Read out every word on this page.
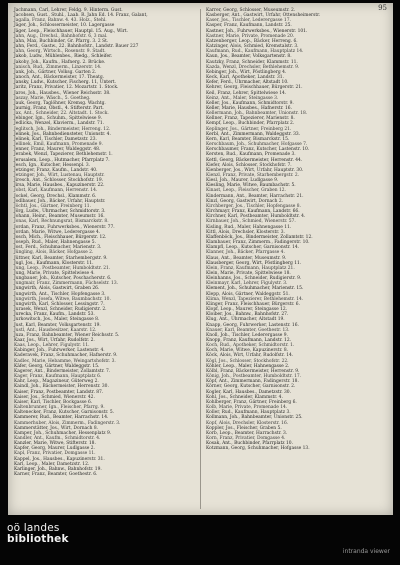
95

Jachmann, Carl, Lehrer, Feldg. 9. Hinterm. Gust.

Jacobsen, Gust., Stuhl., Laab. R. Jahn Ed. 14. Franz, Galant,

Jagalla, Franz, Bahnw. 4. 43. Holz., Stehl.

Jäger, Joh., Schlossermeister, 10. Lagergasse

Jäger, Leop., Fleischhauer, Hauptpl. 15. Aug., Wirt.

Jahn, Aug., Drechsl., Bahnhofstr. 6, 3 mal.

Jahn, Max, Buchbinder, Gr. Pfarrg. 3. 2 St.

Jahn, Ferd., Gastw., 22. Bahnhofstr., Landstr. Bauer 227

Jahn, Georg, Wirtsch., Rosenstr. 9. Stadt.

Jakob, Ludw., Mühlenbes., Riedg., Schleifer.

Jakoby, Joh., Kaufm., Hafnerg. 2. Brücke.

Janisch, Rud., Zimmerm., Linzerstr. 14.

Jank, Joh., Gärtner, Volksg. Garten 2.

Janoch, Ant., Bäckermeister, 17. Theatg.

Jansky, Ludw., Kutscher, Fischerg. 11, Untert.

Jaritz, Franz, Privatier, 12. Mozartstr. 1. Stock.

Jaros, Joh., Hausbes., Wiener Reichsstr. 38.

Jaszay, Marie, Wäsch., 5. Goetheg.

Jauk, Georg, Taglöhner, Kremsg. Wachtg.

Jaurnig, Franz, Obstl., 4. Stifterstr. Part.

Jax, Ant., Schneider, 22. Altstadt. 1. Stock.

Jebinger, Ign., Schuhm., Spittelwiese 9.

Jedlicka, Wenzel, Klavierm., Landstr. 71.

Jeglitsch, Joh., Bindermeister, Herreng. 12.

Jelinek, Jos., Bahnbediensteter, Unionstr. 4.

Jelinek, Karl, Tischler, Dametzstr. 23.

Jellinek, Emil, Kaufmann, Promenade 9.

Jenner, Franz, Maurer, Waldeggstr. 48.

Jerabek, Wenzl, Tapezierer, Bethlehemstr. 1.

Jerusalem, Leop., Hutmacher, Pfarrplatz 7.

Jesch, Ign., Kutscher, Hessenpl. 3.

Jetzinger, Franz, Kaufm., Landstr. 40.

Jetzinger, Joh., Wirt, Lustenau, Hauptstr.

Jiresch, Ant., Schlosser, Stockhofstr. 19.

Jirsa, Marie, Hausbes., Kapuzinerstr. 22.

Jobst, Karl, Kaufmann, Herrenstr. 14.

Jockel, Georg, Drechsl., Klammstr. 6.

Jodlbauer, Joh., Bäcker, Urfahr, Hauptstr.

Jöchtl, Jos., Gärtner, Freinberg 11.

Jörg, Ludw., Uhrmacher, Schmidtorstr. 3.

Johann, Heinr., Beamter, Museumstr. 16.

Jonas, Karl, Rechnungsrat, Bismarckstr. 8.

Jordan, Franz, Fuhrwerksbes., Wienerstr. 77.

Jordan, Marie, Witwe, Lederergasse 4.

Josch, Mich., Fleischhauer, Bürgerstr. 12.

Joseph, Rud., Maler, Hahnengasse 5.

Jost, Ferd., Schuhmacher, Marienstr. 3.

Jüngling, Alois, Bäcker, Hofgasse 2.

Jüttner, Karl, Beamter, Starhembergstr. 9.

Jugl, Jos., Kaufmann, Klosterstr. 11.

Jung, Leop., Postbeamter, Humboldtstr. 21.

Jung, Marie, Private, Spittelwiese 4.

Jungbauer, Joh., Kutscher, Poschacherstr. 6.

Jungmair, Franz, Zimmermann, Füchselstr. 13.

Jungwirth, Alois, Gastwirt, Graben 26.

Jungwirth, Ant., Tischler, Hopfengasse 3.

Jungwirth, Josefa, Witwe, Baumbachstr. 10.

Jungwirth, Karl, Schlosser, Lessingstr. 7.

Jurasek, Wenzl, Schneider, Rudigierstr. 2.

Jurecka, Franz, Kaufm., Landstr. 53.

Jurkowitsch, Jos., Maler, Steingasse 8.

Just, Karl, Beamter, Volksgartenstr. 19.

Justl, Ant., Hausbesitzer, Kaarstr. 12.

Juza, Franz, Bahnbeamter, Wiener Reichsstr. 5.

Kaar, Jos., Wirt, Urfahr, Rudolfstr. 2.

Kaas, Leop., Lehrer, Figulystr. 11.

Kabinger, Joh., Fuhrwerker, Lastenstr. 4.

Kaderavek, Franz, Schuhmacher, Hafnerstr. 9.

Kadlec, Marie, Hebamme, Weingartshofstr. 3.

Käfer, Georg, Gärtner, Waldeggstr. 15.

Kagerer, Ant., Bindermeister, Zollamtstr. 7.

Kager, Franz, Kaufmann, Hauptplatz 6.

Kahr, Leop., Magazineur, Güterweg 2.

Kaindl, Joh., Bäckermeister, Herrenstr. 30.

Kaiser, Franz, Postbeamter, Landstr. 87.

Kaiser, Jos., Schmied, Wienerstr. 42.

Kaiser, Karl, Tischler, Bockgasse 6.

Kaltenbrunner, Ign., Fleischer, Pfarrg. 9.

Kaltenecker, Franz, Kutscher, Garnisonstr. 5.

Kammerer, Rud., Beamter, Harrachstr. 14.

Kammerhuber, Alois, Zimmerm., Fadingerstr. 3.

Kammerstätter, Jos., Wirt, Dornach 8.

Kamper, Joh., Schuhmacher, Hessenplatz 9.

Kandler, Ant., Kaufm., Schmidtorstr. 4.

Kanzler, Marie, Witwe, Stifterstr. 18.

Kapfer, Georg, Maurer, Ludlgasse 2.

Kapl, Franz, Privatier, Domgasse 11.

Kappel, Jos., Hausbes., Kapuzinerstr. 31.

Karl, Leop., Maler, Dametzstr. 12.

Karlinger, Joh., Bahnw., Bahnhofstr. 19.

Karner, Franz, Beamter, Goethestr. 6.

Karrer, Georg, Schlosser, Museumstr. 2.

Kasberger, Ant., Gastwirt, Urfahr, Ottensheimerstr.

Kaser, Jos., Tischler, Lederergasse 17.

Kasper, Franz, Kaufmann, Landstr. 25.

Kastner, Joh., Fuhrwerksbes., Wienerstr. 101.

Kastner, Marie, Private, Promenade 20.

Katzenberger, Leop., Bäcker, Herreng. 6.

Katzinger, Alois, Schmied, Kremstalstr. 3.

Kaufmann, Rud., Kaufmann, Hauptplatz 14.

Kaun, Jos., Beamter, Volksgartenstr. 8.

Kautzky, Franz, Schneider, Klammstr. 11.

Kazda, Wenzl, Drechsler, Bethlehemstr. 9.

Kebinger, Joh., Wirt, Pöstlingberg 4.

Keck, Karl, Apotheker, Landstr. 31.

Kefer, Ferd., Uhrmacher, Altstadt 10.

Kehrer, Georg, Fleischhauer, Bürgerstr. 21.

Keil, Franz, Lehrer, Spittelwiese 14.

Keinz, Ant., Maler, Steingasse 3.

Keller, Jos., Kaufmann, Schmidtorstr. 9.

Keller, Marie, Hausbes., Hafnerstr. 16.

Kellermann, Joh., Bahnbeamter, Unionstr. 18.

Kellner, Franz, Tapezierer, Marienstr. 8.

Kempf, Leop., Buchbinder, Pfarrplatz 2.

Keplinger, Jos., Gärtner, Freinberg 21.

Kerbl, Ant., Zimmermann, Waldeggstr. 33.

Kern, Karl, Beamter, Bismarckstr. 15.

Kerschbaum, Joh., Schuhmacher, Hofgasse 7.

Kerschbaumer, Franz, Kutscher, Lastenstr. 10.

Kersten, Rud., Kaufmann, Promenade 3.

Kettl, Georg, Bäckermeister, Herrenstr. 44.

Kiefer, Alois, Schlosser, Stockhofstr. 7.

Kienberger, Jos., Wirt, Urfahr, Hauptstr. 30.

Kienzl, Franz, Private, Starhembergstr. 2.

Kiesl, Joh., Maurer, Ludlgasse 9.

Kiesling, Marie, Witwe, Baumbachstr. 5.

Kinast, Leop., Fleischer, Graben 12.

Kindermann, Ant., Beamter, Harrachstr. 21.

Kinzl, Georg, Gastwirt, Dornach 2.

Kirchberger, Jos., Tischler, Hopfengasse 8.

Kirchmayr, Franz, Kaufmann, Landstr. 66.

Kirchner, Karl, Postbeamter, Humboldtstr. 4.

Kirnbauer, Joh., Schmied, Wienerstr. 57.

Kisling, Rud., Maler, Hahnengasse 11.

Kittl, Alois, Drechsler, Klosterstr. 3.

Klaffenböck, Jos., Bindermeister, Zollamtstr. 12.

Klambauer, Franz, Zimmerm., Fadingerstr. 10.

Klampfl, Leop., Kutscher, Garnisonstr. 14.

Klanner, Joh., Bäcker, Pfarrgasse 4.

Klaus, Ant., Beamter, Museumstr. 9.

Klausberger, Georg, Wirt, Pöstlingberg 11.

Klein, Franz, Kaufmann, Hauptplatz 21.

Klein, Marie, Private, Spittelwiese 18.

Kleinhanns, Jos., Schneider, Rudigierstr. 9.

Kleinmayr, Karl, Lehrer, Figulystr. 3.

Klement, Joh., Schuhmacher, Marienstr. 15.

Klepp, Alois, Gärtner, Waldeggstr. 51.

Klima, Wenzl, Tapezierer, Bethlehemstr. 14.

Klinger, Franz, Fleischhauer, Bürgerstr. 6.

Klopf, Leop., Maurer, Steingasse 12.

Kloiber, Jos., Bahnw., Bahnhofstr. 27.

Klug, Ant., Uhrmacher, Altstadt 19.

Knapp, Georg, Fuhrwerker, Lastenstr. 16.

Knauer, Karl, Beamter, Goethestr. 13.

Knoll, Joh., Tischler, Lederergasse 9.

Knopp, Franz, Kaufmann, Landstr. 12.

Koch, Rud., Apotheker, Schmidtorstr. 1.

Koch, Marie, Witwe, Kapuzinerstr. 8.

Köck, Alois, Wirt, Urfahr, Rudolfstr. 14.

Kögl, Jos., Schlosser, Stockhofstr. 22.

Köhler, Leop., Maler, Hahnengasse 2.

Kölbl, Franz, Bäckermeister, Herrenstr. 9.

König, Joh., Postbeamter, Humboldtstr. 17.

Köpf, Ant., Zimmermann, Fadingerstr. 18.

Körner, Georg, Kutscher, Garnisonstr. 2.

Kogler, Karl, Hausbes., Dametzstr. 30.

Kohl, Jos., Schneider, Klammstr. 4.

Kohlberger, Franz, Gärtner, Freinberg 6.

Kolb, Marie, Private, Promenade 14.

Koller, Rud., Kaufmann, Hauptplatz 3.

Kollmann, Joh., Bahnbeamter, Unionstr. 25.

Kopf, Alois, Drechsler, Klosterstr. 16.

Koppler, Jos., Fleischer, Graben 5.

Korb, Leop., Beamter, Harrachstr. 3.

Korn, Franz, Privatier, Domgasse 4.

Kosak, Ant., Buchbinder, Pfarrplatz 10.

Kotzmann, Georg, Schuhmacher, Hofgasse 13.

oö landes
bibliothek
intranda viewer
